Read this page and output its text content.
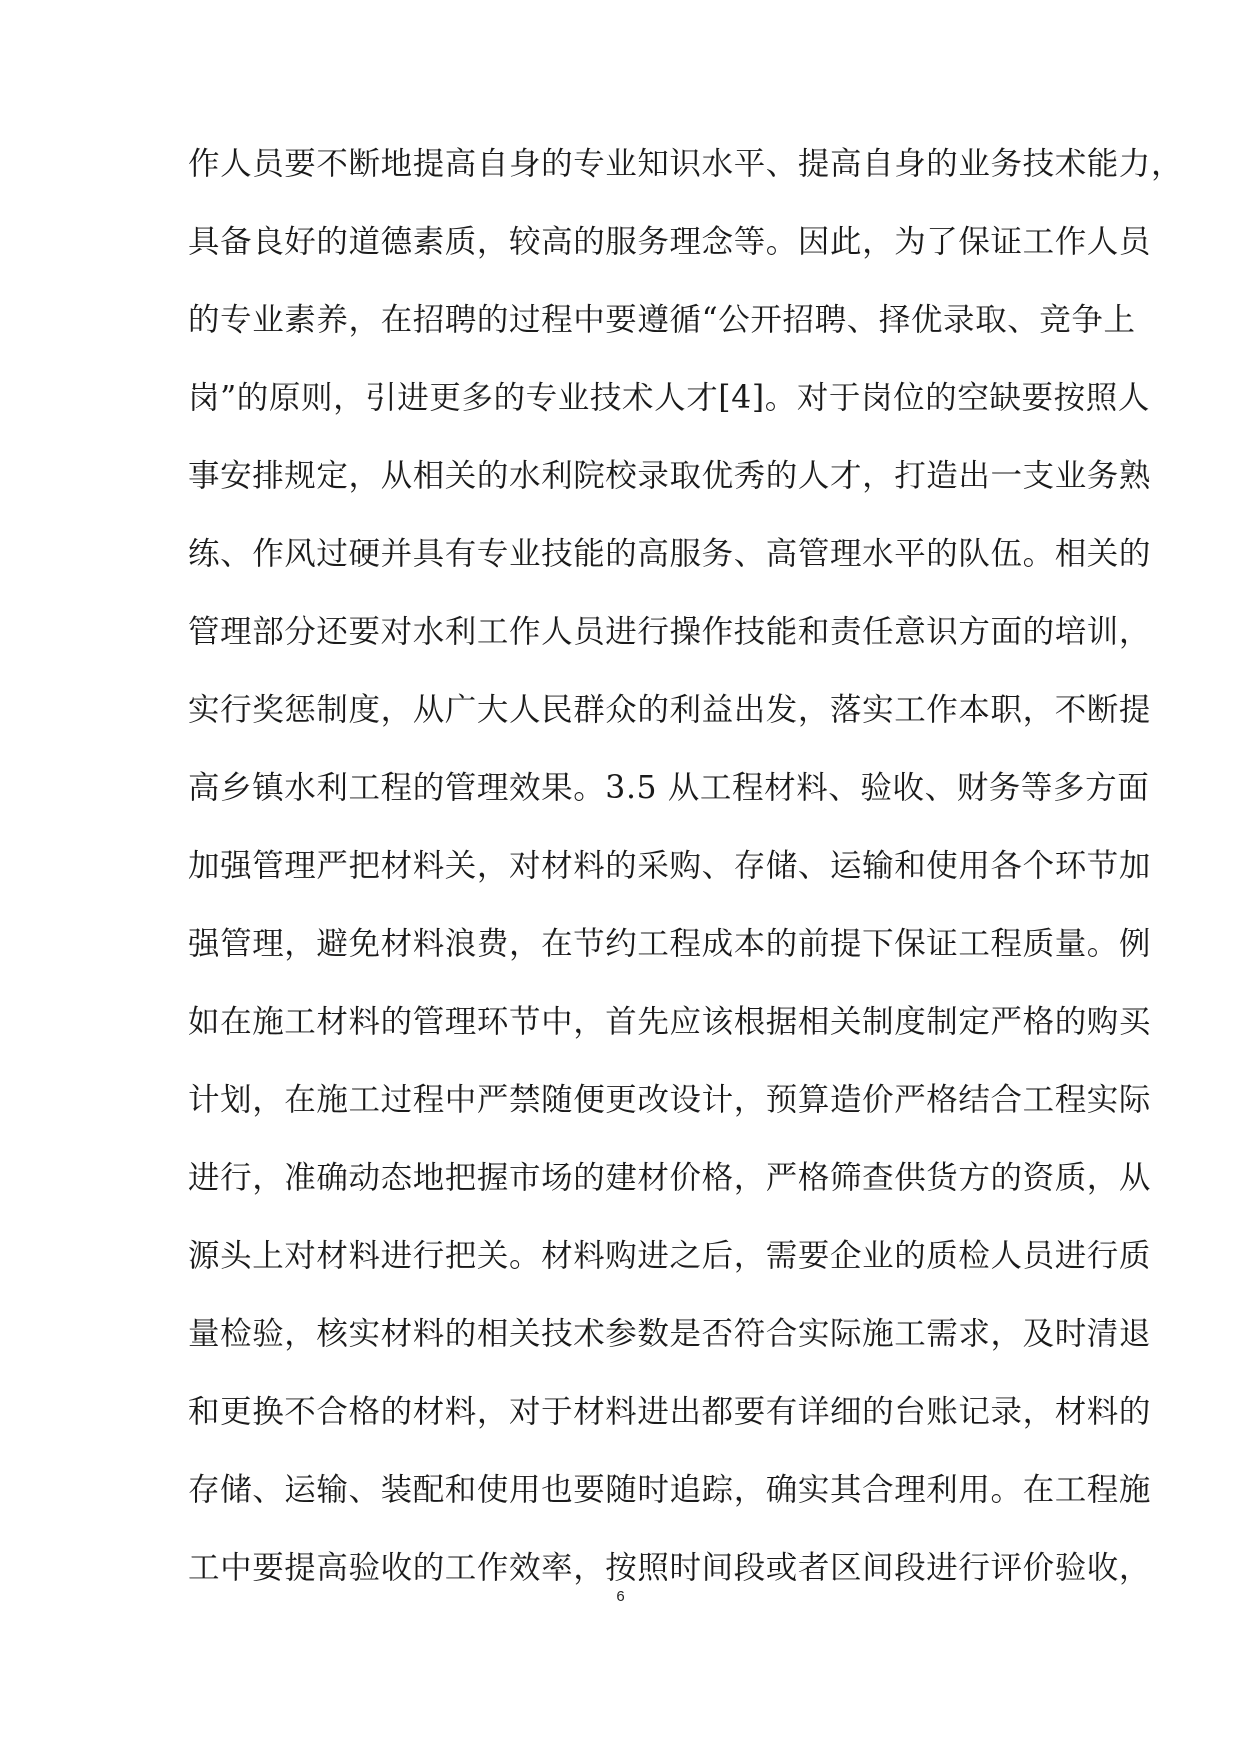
作人员要不断地提高自身的专业知识水平、提高自身的业务技术能力，
具备良好的道德素质，较高的服务理念等。因此，为了保证工作人员
的专业素养，在招聘的过程中要遵循“公开招聘、择优录取、竞争上
岗”的原则，引进更多的专业技术人才[4]。对于岗位的空缺要按照人
事安排规定，从相关的水利院校录取优秀的人才，打造出一支业务熟
练、作风过硬并具有专业技能的高服务、高管理水平的队伍。相关的
管理部分还要对水利工作人员进行操作技能和责任意识方面的培训，
实行奖惩制度，从广大人民群众的利益出发，落实工作本职，不断提
高乡镇水利工程的管理效果。3.5 从工程材料、验收、财务等多方面
加强管理严把材料关，对材料的采购、存储、运输和使用各个环节加
强管理，避免材料浪费，在节约工程成本的前提下保证工程质量。例
如在施工材料的管理环节中，首先应该根据相关制度制定严格的购买
计划，在施工过程中严禁随便更改设计，预算造价严格结合工程实际
进行，准确动态地把握市场的建材价格，严格筛查供货方的资质，从
源头上对材料进行把关。材料购进之后，需要企业的质检人员进行质
量检验，核实材料的相关技术参数是否符合实际施工需求，及时清退
和更换不合格的材料，对于材料进出都要有详细的台账记录，材料的
存储、运输、装配和使用也要随时追踪，确实其合理利用。在工程施
工中要提高验收的工作效率，按照时间段或者区间段进行评价验收，
6
